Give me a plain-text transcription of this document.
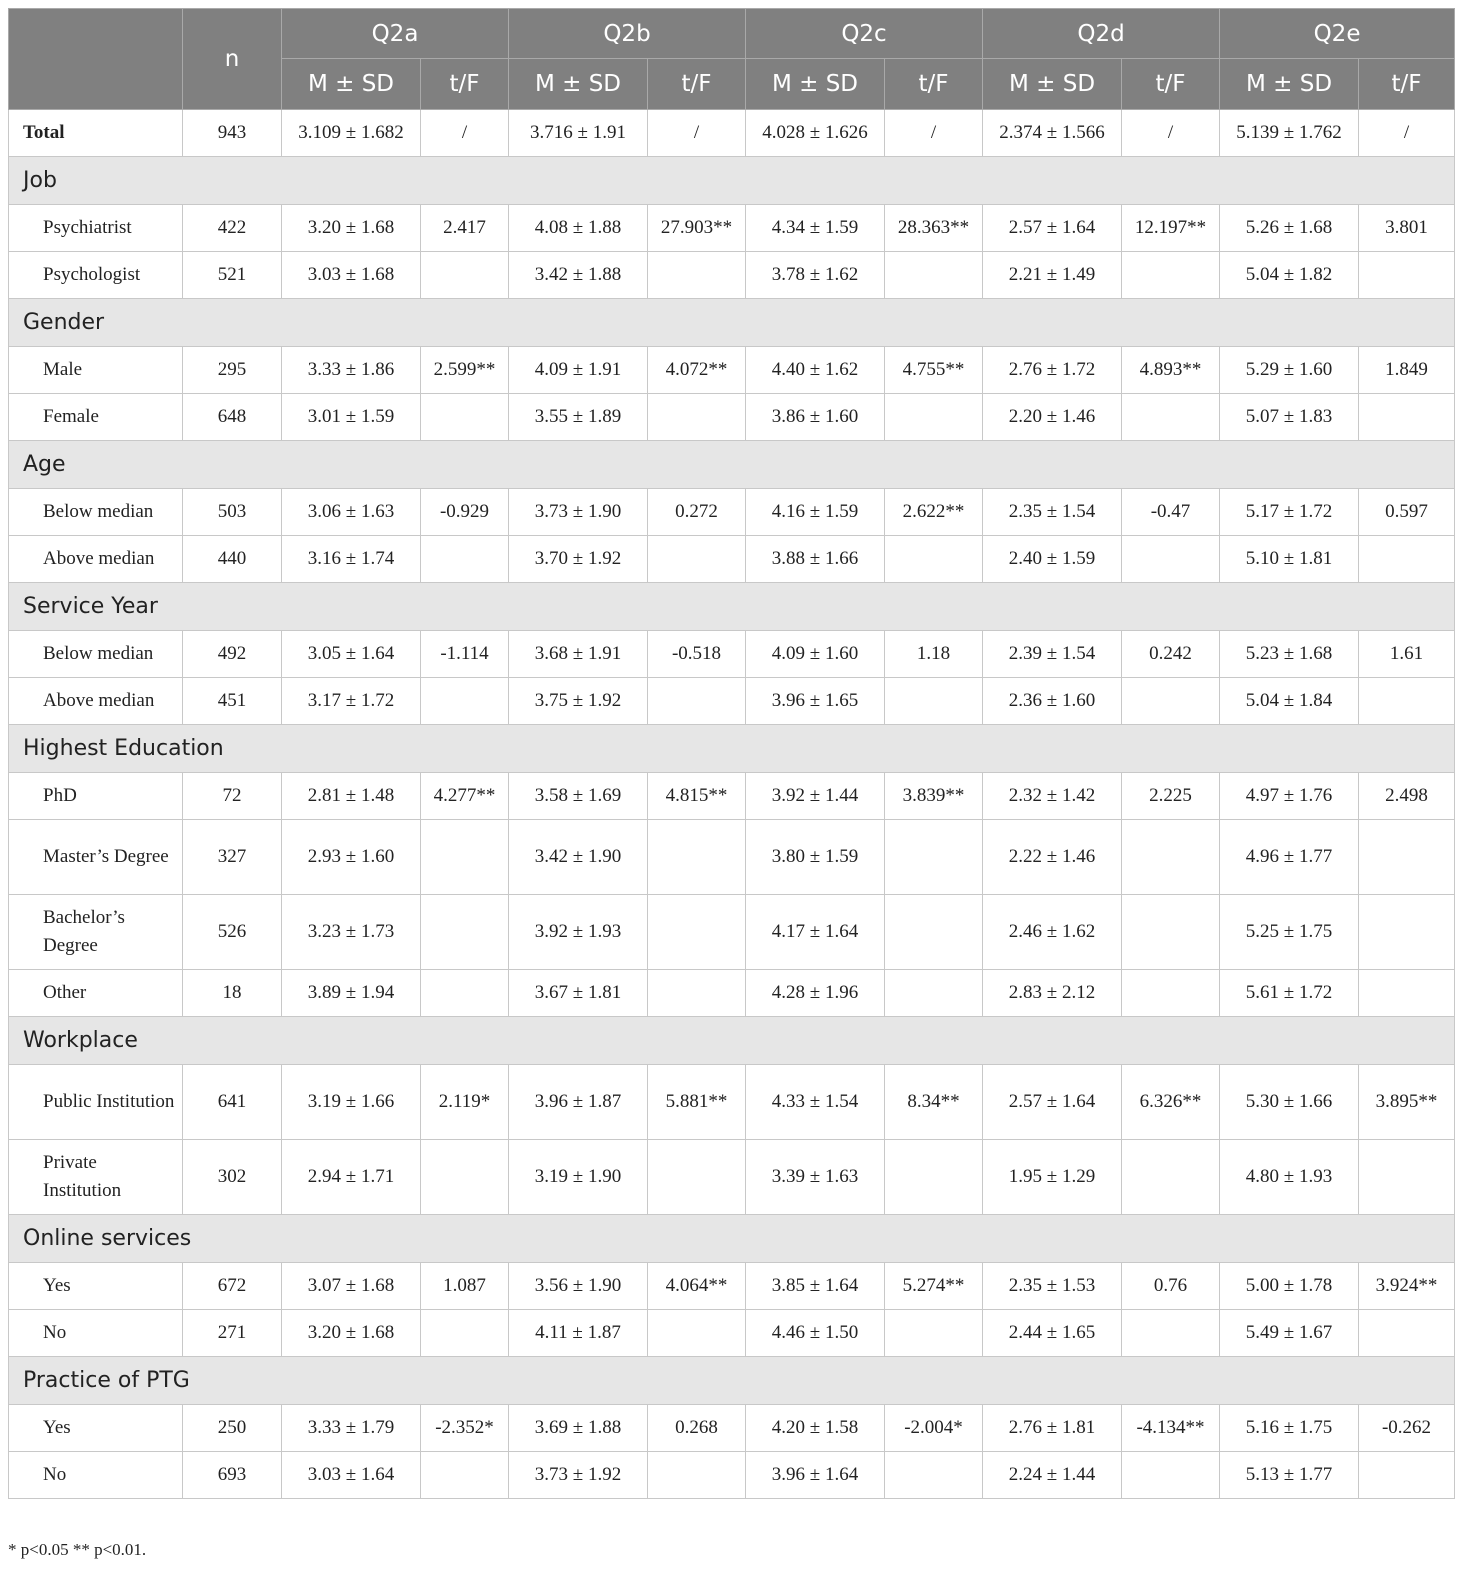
	n	Q2a		Q2b		Q2c		Q2d		Q2e	
		M ± SD	t/F	M ± SD	t/F	M ± SD	t/F	M ± SD	t/F	M ± SD	t/F
Total	943	3.109 ± 1.682	/	3.716 ± 1.91	/	4.028 ± 1.626	/	2.374 ± 1.566	/	5.139 ± 1.762	/
Job											
Psychiatrist	422	3.20 ± 1.68	2.417	4.08 ± 1.88	27.903**	4.34 ± 1.59	28.363**	2.57 ± 1.64	12.197**	5.26 ± 1.68	3.801
Psychologist	521	3.03 ± 1.68		3.42 ± 1.88		3.78 ± 1.62		2.21 ± 1.49		5.04 ± 1.82	
Gender											
Male	295	3.33 ± 1.86	2.599**	4.09 ± 1.91	4.072**	4.40 ± 1.62	4.755**	2.76 ± 1.72	4.893**	5.29 ± 1.60	1.849
Female	648	3.01 ± 1.59		3.55 ± 1.89		3.86 ± 1.60		2.20 ± 1.46		5.07 ± 1.83	
Age											
Below median	503	3.06 ± 1.63	-0.929	3.73 ± 1.90	0.272	4.16 ± 1.59	2.622**	2.35 ± 1.54	-0.47	5.17 ± 1.72	0.597
Above median	440	3.16 ± 1.74		3.70 ± 1.92		3.88 ± 1.66		2.40 ± 1.59		5.10 ± 1.81	
Service Year											
Below median	492	3.05 ± 1.64	-1.114	3.68 ± 1.91	-0.518	4.09 ± 1.60	1.18	2.39 ± 1.54	0.242	5.23 ± 1.68	1.61
Above median	451	3.17 ± 1.72		3.75 ± 1.92		3.96 ± 1.65		2.36 ± 1.60		5.04 ± 1.84	
Highest Education											
PhD	72	2.81 ± 1.48	4.277**	3.58 ± 1.69	4.815**	3.92 ± 1.44	3.839**	2.32 ± 1.42	2.225	4.97 ± 1.76	2.498
Master’s Degree	327	2.93 ± 1.60		3.42 ± 1.90		3.80 ± 1.59		2.22 ± 1.46		4.96 ± 1.77	
Bachelor’s Degree	526	3.23 ± 1.73		3.92 ± 1.93		4.17 ± 1.64		2.46 ± 1.62		5.25 ± 1.75	
Other	18	3.89 ± 1.94		3.67 ± 1.81		4.28 ± 1.96		2.83 ± 2.12		5.61 ± 1.72	
Workplace											
Public Institution	641	3.19 ± 1.66	2.119*	3.96 ± 1.87	5.881**	4.33 ± 1.54	8.34**	2.57 ± 1.64	6.326**	5.30 ± 1.66	3.895**
Private Institution	302	2.94 ± 1.71		3.19 ± 1.90		3.39 ± 1.63		1.95 ± 1.29		4.80 ± 1.93	
Online services											
Yes	672	3.07 ± 1.68	1.087	3.56 ± 1.90	4.064**	3.85 ± 1.64	5.274**	2.35 ± 1.53	0.76	5.00 ± 1.78	3.924**
No	271	3.20 ± 1.68		4.11 ± 1.87		4.46 ± 1.50		2.44 ± 1.65		5.49 ± 1.67	
Practice of PTG											
Yes	250	3.33 ± 1.79	-2.352*	3.69 ± 1.88	0.268	4.20 ± 1.58	-2.004*	2.76 ± 1.81	-4.134**	5.16 ± 1.75	-0.262
No	693	3.03 ± 1.64		3.73 ± 1.92		3.96 ± 1.64		2.24 ± 1.44		5.13 ± 1.77	
* p<0.05 ** p<0.01.
